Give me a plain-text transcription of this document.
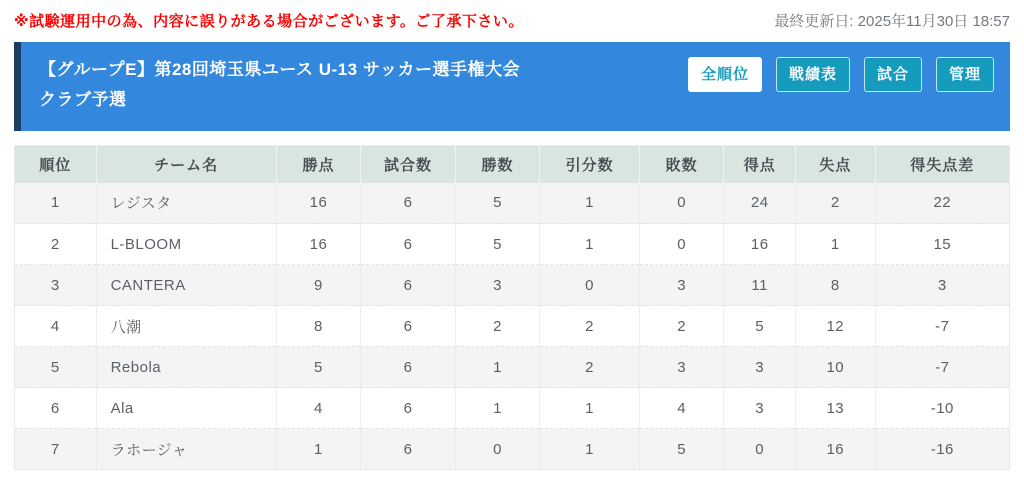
※試験運用中の為、内容に誤りがある場合がございます。ご了承下さい。	最終更新日: 2025年11月30日 18:57
【グループE】第28回埼玉県ユース U-13 サッカー選手権大会
クラブ予選
全順位	戦績表	試合	管理
順位	チーム名	勝点	試合数	勝数	引分数	敗数	得点	失点	得失点差
1	レジスタ	16	6	5	1	0	24	2	22
2	L-BLOOM	16	6	5	1	0	16	1	15
3	CANTERA	9	6	3	0	3	11	8	3
4	八潮	8	6	2	2	2	5	12	-7
5	Rebola	5	6	1	2	3	3	10	-7
6	Ala	4	6	1	1	4	3	13	-10
7	ラホージャ	1	6	0	1	5	0	16	-16
